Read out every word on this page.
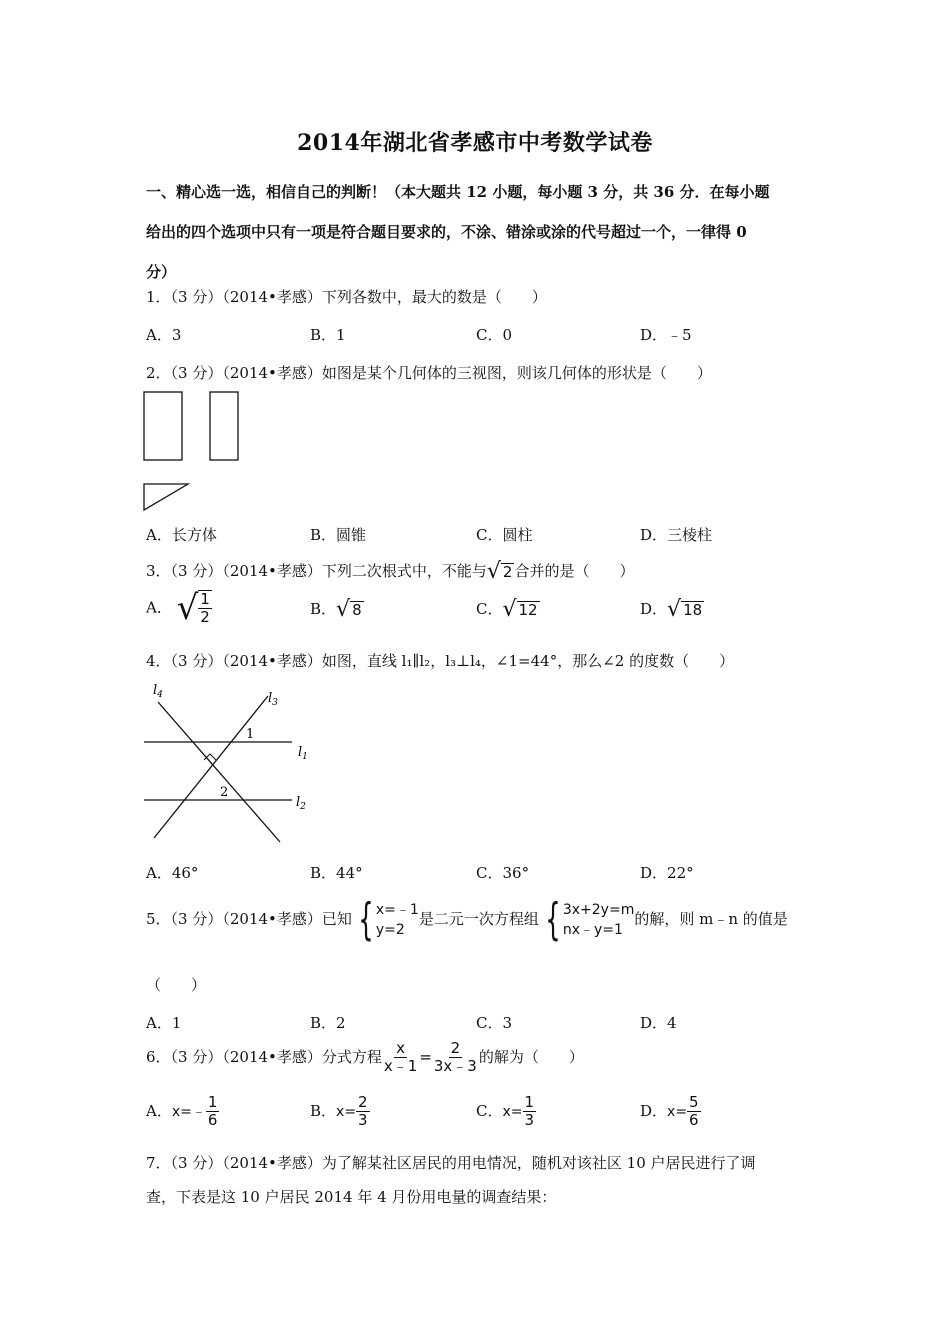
2014年湖北省孝感市中考数学试卷
一、精心选一选，相信自己的判断！（本大题共 12 小题，每小题 3 分，共 36 分．在每小题
给出的四个选项中只有一项是符合题目要求的，不涂、错涂或涂的代号超过一个，一律得 0
分）
1．（3 分）（2014•孝感）下列各数中，最大的数是（　　）
A．3	B．1	C．0	D．﹣5
2．（3 分）（2014•孝感）如图是某个几何体的三视图，则该几何体的形状是（　　）
A．长方体	B．圆锥	C．圆柱	D．三棱柱
3．（3 分）（2014•孝感）下列二次根式中，不能与 √ 2 合并的是（　　）
A． √ $\frac{1}{2}$	B． √ 8	C． √ 12	D． √ 18
4．（3 分）（2014•孝感）如图，直线 l₁∥l₂，l₃⊥l₄，∠1=44°，那么∠2 的度数（　　）
$l_4$	$l_3$
$l_1$
$l_2$
1
2
A．46°	B．44°	C．36°	D．22°
5．（3 分）（2014•孝感）已知 { x=﹣1
y=2
是二元一次方程组 { 3x+2y=m
nx﹣y=1
的解，则 m﹣n 的值是
（　　）
A．1	B．2	C．3	D．4
6．（3 分）（2014•孝感）分式方程 $\frac{x}{x﹣1} = \frac{2}{3x﹣3}$ 的解为（　　）
A．x=﹣ $\frac{1}{6}$	B．$x= \frac{2}{3}$	C．$x= \frac{1}{3}$	D．$x= \frac{5}{6}$
7．（3 分）（2014•孝感）为了解某社区居民的用电情况，随机对该社区 10 户居民进行了调
查，下表是这 10 户居民 2014 年 4 月份用电量的调查结果：
